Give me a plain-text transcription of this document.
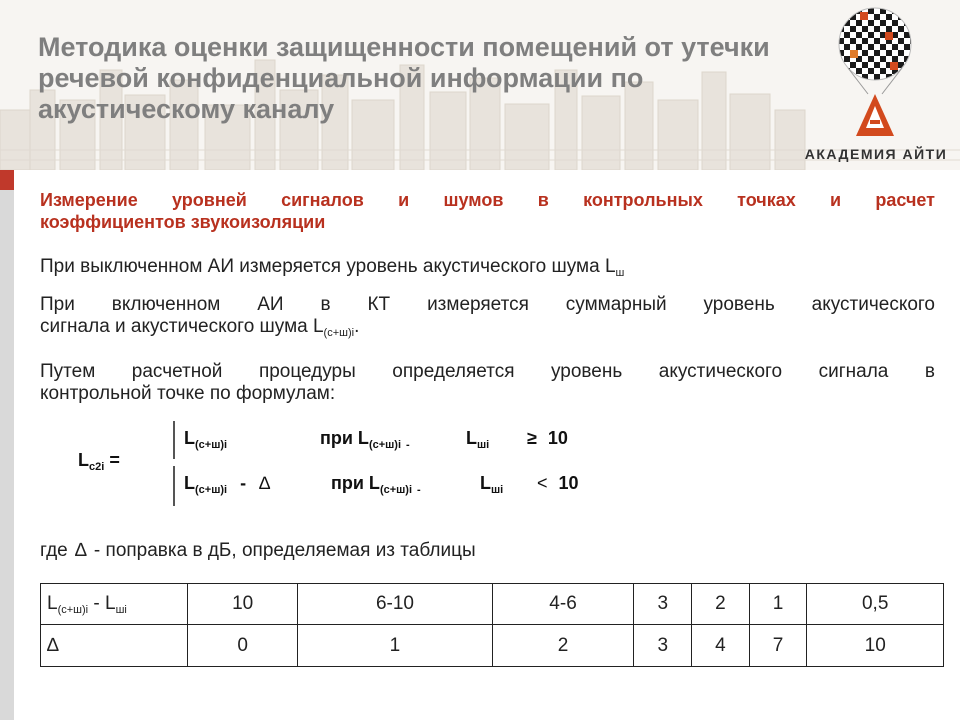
Методика оценки защищенности помещений от утечки речевой конфиденциальной информации по акустическому каналу
АКАДЕМИЯ АЙТИ

Измерение уровней сигналов и шумов в контрольных точках и расчет
коэффициентов звукоизоляции

При выключенном АИ измеряется уровень акустического шума $L_ш$

При включенном АИ в КТ измеряется суммарный уровень акустического
сигнала и акустического шума $L_{(с+ш)i}$.

Путем расчетной процедуры определяется уровень акустического сигнала в
контрольной точке по формулам:

$L_{c2i}$ =
$L_{(с+ш)i}$	при $L_{(с+ш)i}$ $_-$	$L_{шi} \ge 10$
$L_{(с+ш)i}$ - ∆	при $L_{(с+ш)i}$ $_-$	$L_{шi} < 10$

где ∆ - поправка в дБ, определяемая из таблицы

$L_{(с+ш)i} - L_{шi}$	10	6-10	4-6	3	2	1	0,5
∆	0	1	2	3	4	7	10
